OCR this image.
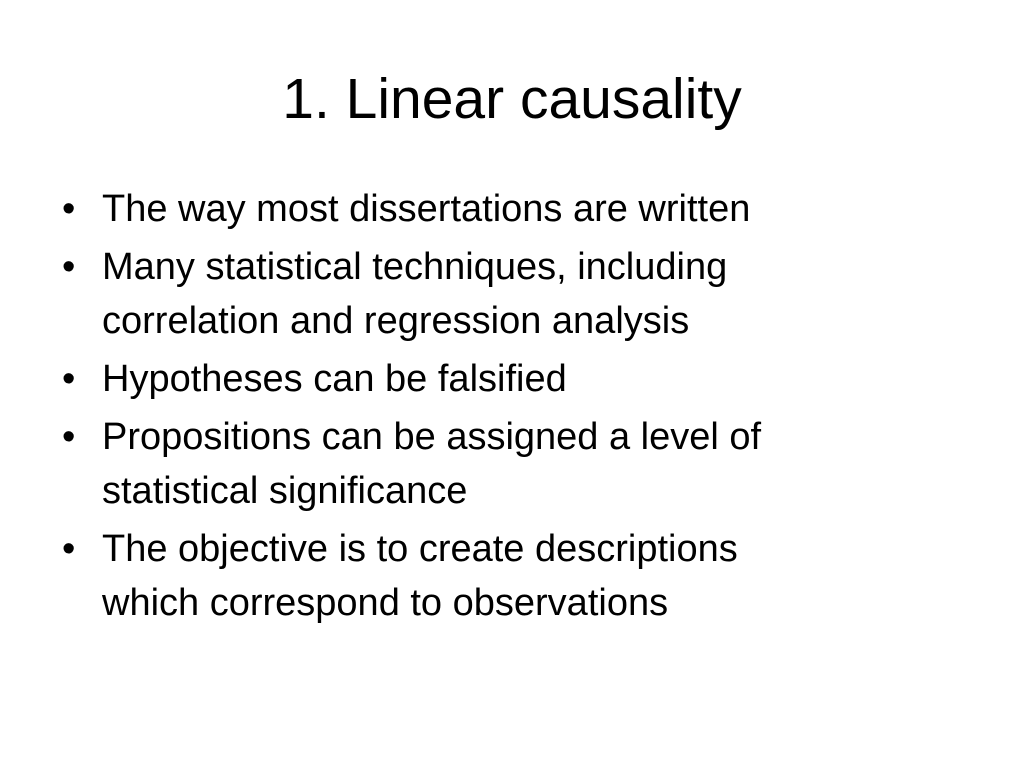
1. Linear causality
• The way most dissertations are written
• Many statistical techniques, including
correlation and regression analysis
• Hypotheses can be falsified
• Propositions can be assigned a level of
statistical significance
• The objective is to create descriptions
which correspond to observations
